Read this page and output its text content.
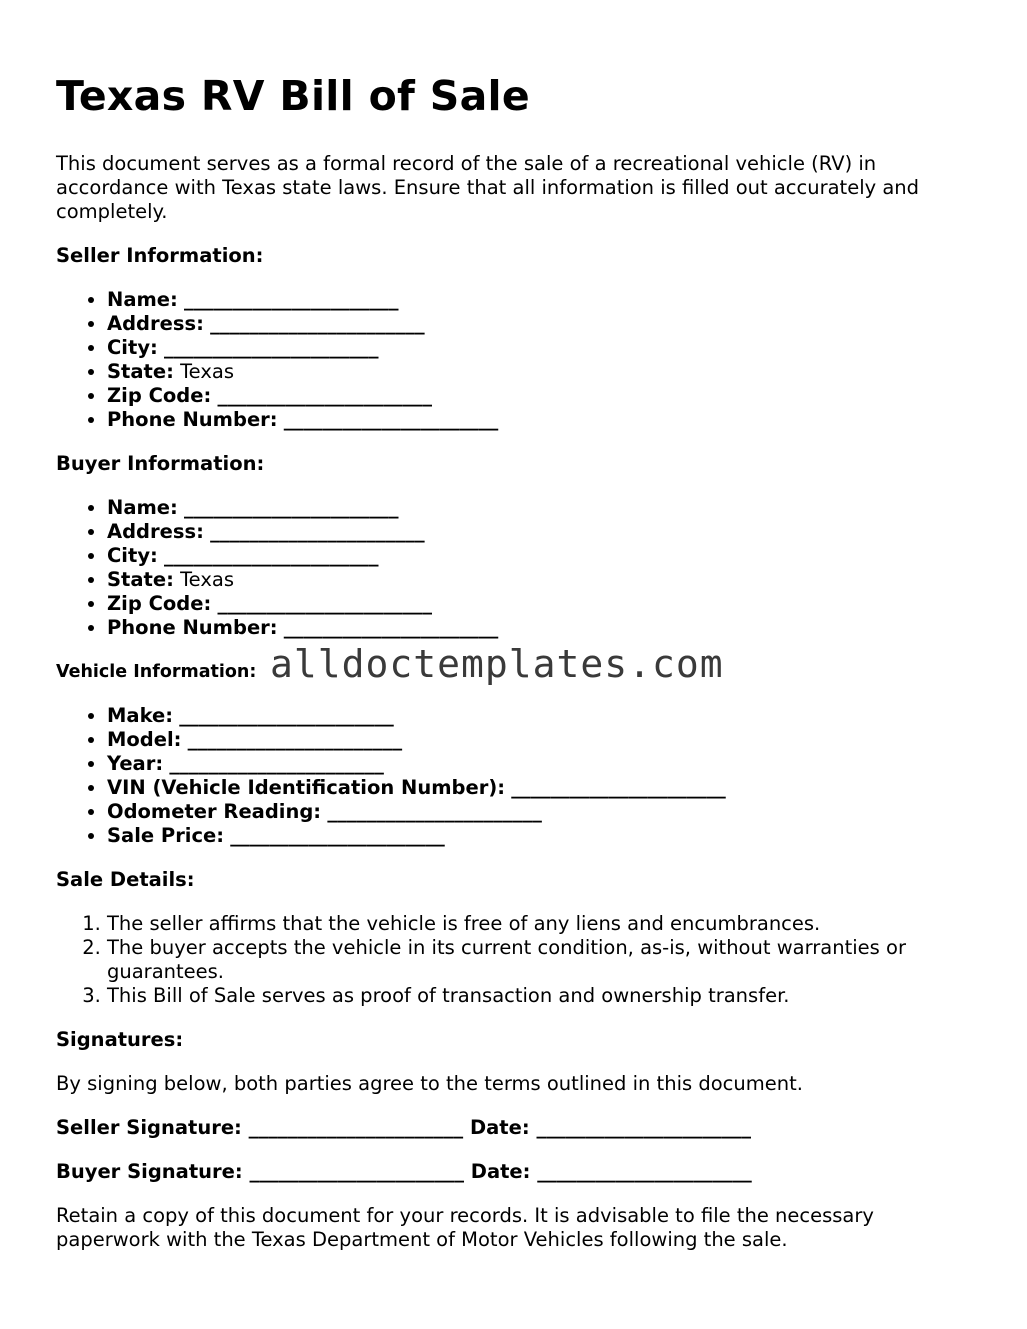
Texas RV Bill of Sale

This document serves as a formal record of the sale of a recreational vehicle (RV) in accordance with Texas state laws. Ensure that all information is filled out accurately and completely.

Seller Information:
• Name: ______________________
• Address: ______________________
• City: ______________________
• State: Texas
• Zip Code: ______________________
• Phone Number: ______________________
Buyer Information:
• Name: ______________________
• Address: ______________________
• City: ______________________
• State: Texas
• Zip Code: ______________________
• Phone Number: ______________________
Vehicle Information:
• Make: ______________________
• Model: ______________________
• Year: ______________________
• VIN (Vehicle Identification Number): ______________________
• Odometer Reading: ______________________
• Sale Price: ______________________
Sale Details:
1. The seller affirms that the vehicle is free of any liens and encumbrances.
2. The buyer accepts the vehicle in its current condition, as-is, without warranties or guarantees.
3. This Bill of Sale serves as proof of transaction and ownership transfer.
Signatures:

By signing below, both parties agree to the terms outlined in this document.

Seller Signature: ______________________ Date: ______________________
Buyer Signature: ______________________ Date: ______________________

Retain a copy of this document for your records. It is advisable to file the necessary paperwork with the Texas Department of Motor Vehicles following the sale.

alldoctemplates.com
